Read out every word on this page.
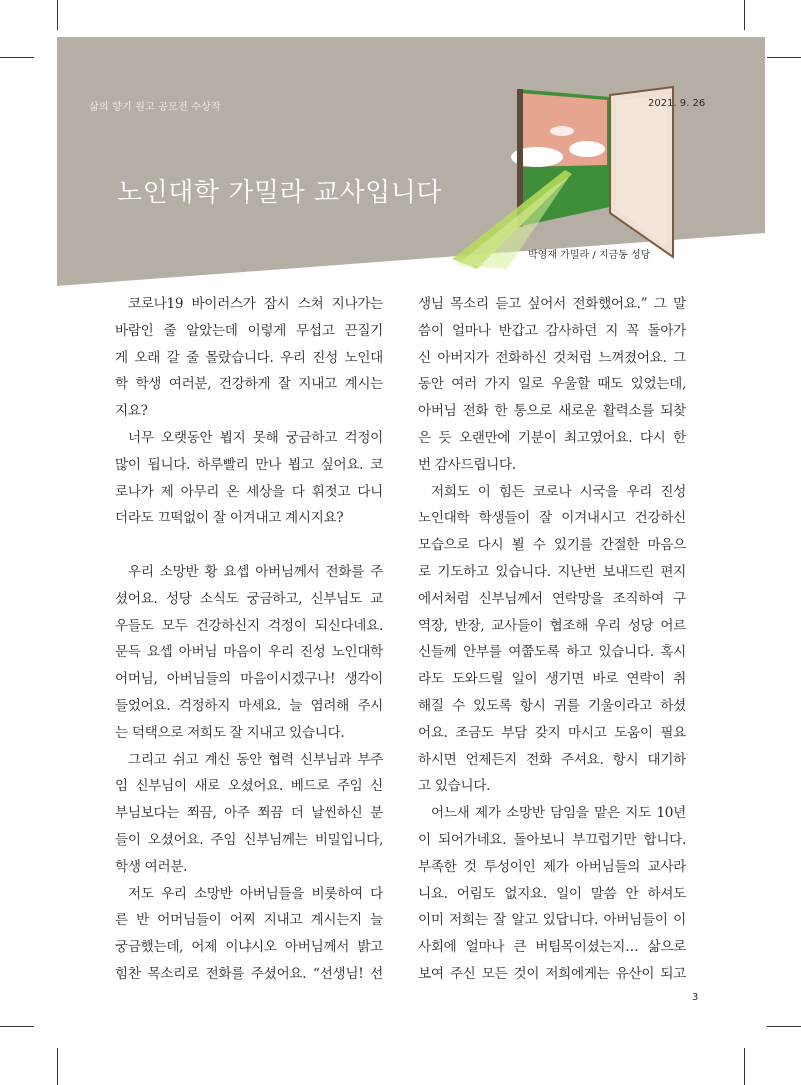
삶의 향기 원고 공모전 수상작	2021. 9. 26
노인대학 가밀라 교사입니다
박영재 가밀라 / 지금동 성당
코로나19 바이러스가 잠시 스쳐 지나가는
바람인 줄 알았는데 이렇게 무섭고 끈질기
게 오래 갈 줄 몰랐습니다. 우리 진성 노인대
학 학생 여러분, 건강하게 잘 지내고 계시는
지요?
너무 오랫동안 뵙지 못해 궁금하고 걱정이
많이 됩니다. 하루빨리 만나 뵙고 싶어요. 코
로나가 제 아무리 온 세상을 다 휘젓고 다니
더라도 끄떡없이 잘 이겨내고 계시지요?
우리 소망반 황 요셉 아버님께서 전화를 주
셨어요. 성당 소식도 궁금하고, 신부님도 교
우들도 모두 건강하신지 걱정이 되신다네요.
문득 요셉 아버님 마음이 우리 진성 노인대학
어머님, 아버님들의 마음이시겠구나! 생각이
들었어요. 걱정하지 마세요. 늘 염려해 주시
는 덕택으로 저희도 잘 지내고 있습니다.
그리고 쉬고 계신 동안 협력 신부님과 부주
임 신부님이 새로 오셨어요. 베드로 주임 신
부님보다는 쬐끔, 아주 쬐끔 더 날씬하신 분
들이 오셨어요. 주임 신부님께는 비밀입니다,
학생 여러분.
저도 우리 소망반 아버님들을 비롯하여 다
른 반 어머님들이 어찌 지내고 계시는지 늘
궁금했는데, 어제 이냐시오 아버님께서 밝고
힘찬 목소리로 전화를 주셨어요. “선생님! 선
생님 목소리 듣고 싶어서 전화했어요.” 그 말
씀이 얼마나 반갑고 감사하던 지 꼭 돌아가
신 아버지가 전화하신 것처럼 느껴졌어요. 그
동안 여러 가지 일로 우울할 때도 있었는데,
아버님 전화 한 통으로 새로운 활력소를 되찾
은 듯 오랜만에 기분이 최고였어요. 다시 한
번 감사드립니다.
저희도 이 힘든 코로나 시국을 우리 진성
노인대학 학생들이 잘 이겨내시고 건강하신
모습으로 다시 뵐 수 있기를 간절한 마음으
로 기도하고 있습니다. 지난번 보내드린 편지
에서처럼 신부님께서 연락망을 조직하여 구
역장, 반장, 교사들이 협조해 우리 성당 어르
신들께 안부를 여쭙도록 하고 있습니다. 혹시
라도 도와드릴 일이 생기면 바로 연락이 취
해질 수 있도록 항시 귀를 기울이라고 하셨
어요. 조금도 부담 갖지 마시고 도움이 필요
하시면 언제든지 전화 주셔요. 항시 대기하
고 있습니다.
어느새 제가 소망반 담임을 맡은 지도 10년
이 되어가네요. 돌아보니 부끄럽기만 합니다.
부족한 것 투성이인 제가 아버님들의 교사라
니요. 어림도 없지요. 일이 말씀 안 하셔도
이미 저희는 잘 알고 있답니다. 아버님들이 이
사회에 얼마나 큰 버팀목이셨는지… 삶으로
보여 주신 모든 것이 저희에게는 유산이 되고
3
